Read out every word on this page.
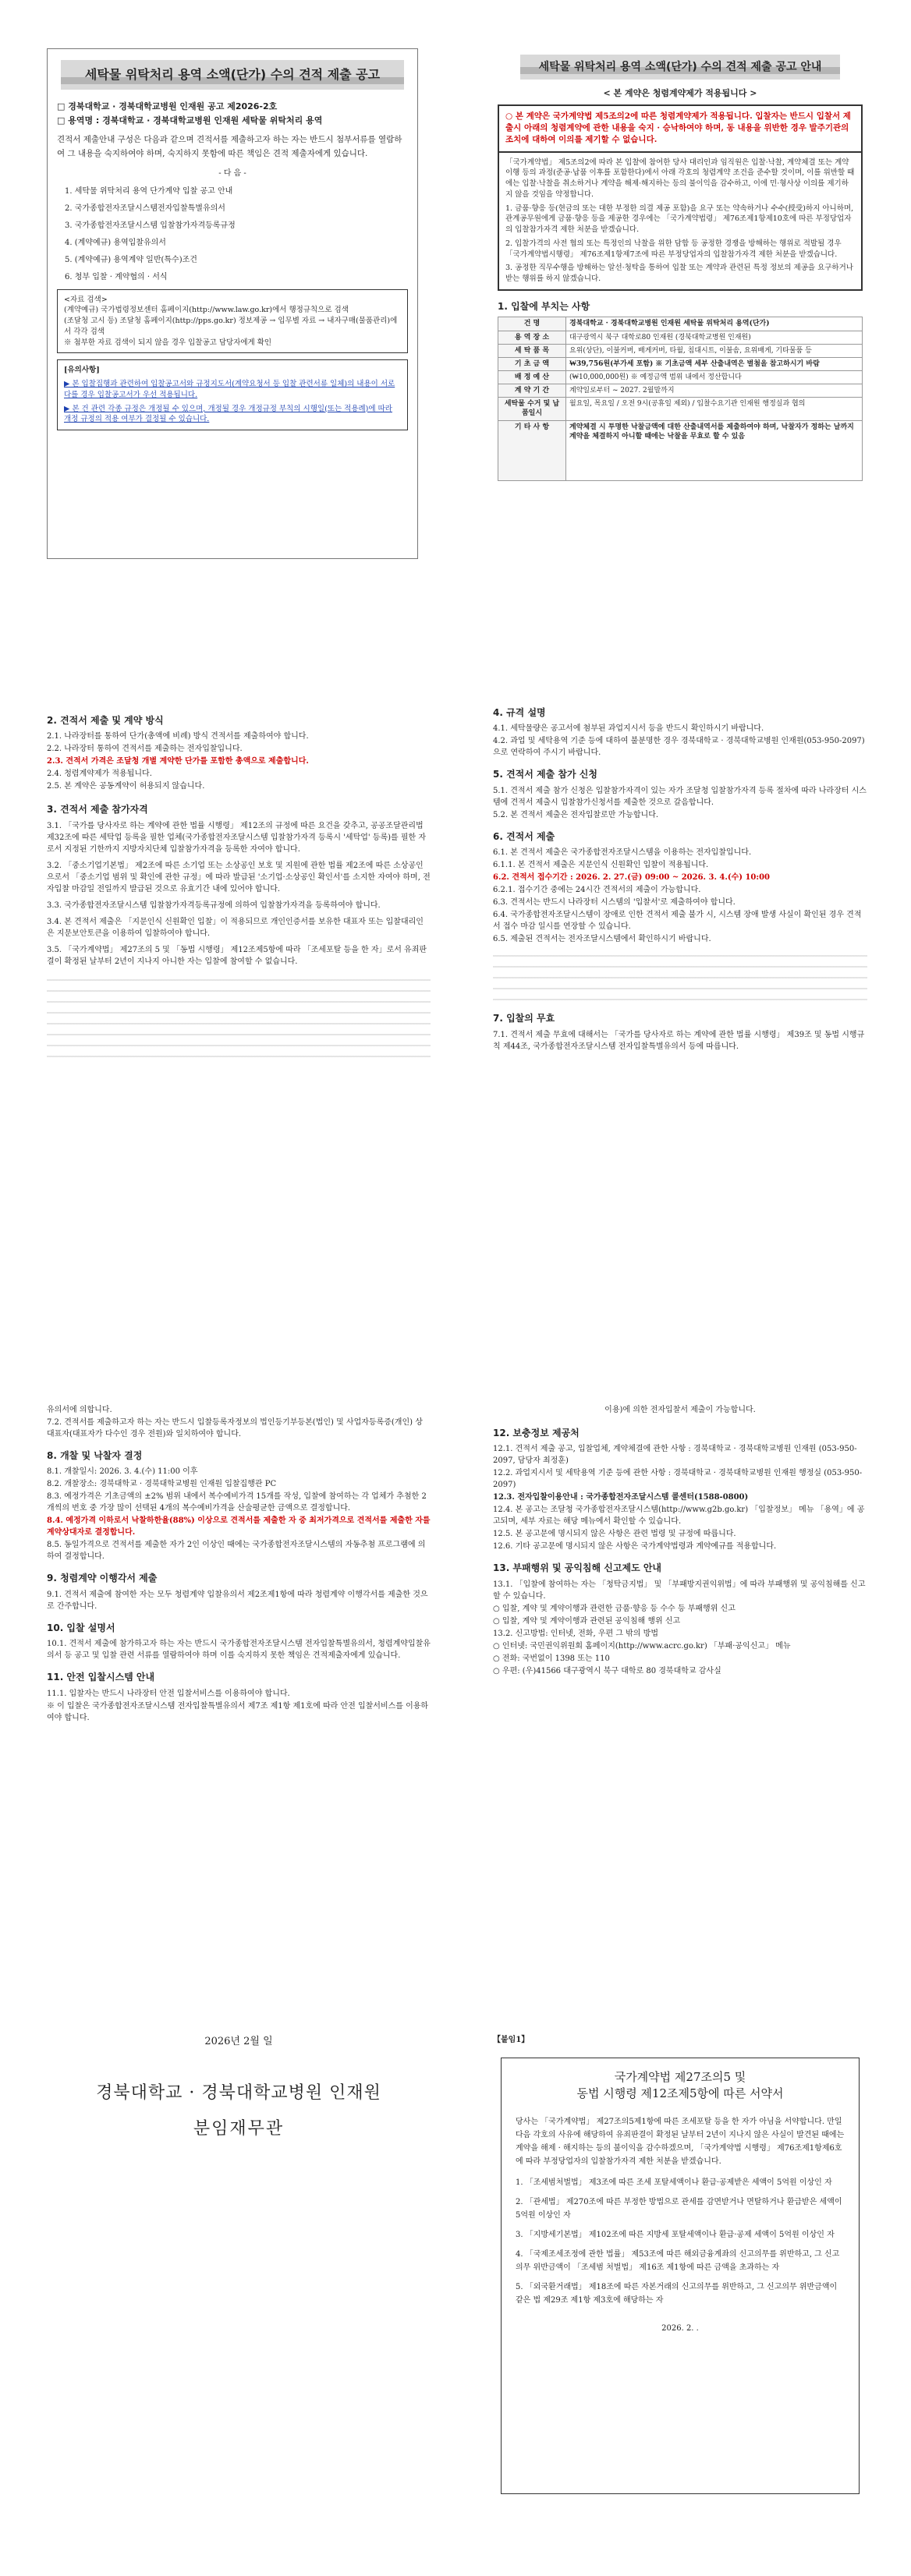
세탁물 위탁처리 용역 소액(단가) 수의 견적 제출 공고
□ 경북대학교 · 경북대학교병원 인재원 공고 제2026-2호
□ 용역명 : 경북대학교 · 경북대학교병원 인재원 세탁물 위탁처리 용역
견적서 제출안내 구성은 다음과 같으며 견적서를 제출하고자 하는 자는 반드시 첨부서류를 열람하여 그 내용을 숙지하여야 하며, 숙지하지 못함에 따른 책임은 견적 제출자에게 있습니다.
- 다 음 -
1. 세탁물 위탁처리 용역 단가계약 입찰 공고 안내
2. 국가종합전자조달시스템전자입찰특별유의서
3. 국가종합전자조달시스템 입찰참가자격등록규정
4. (계약예규) 용역입찰유의서
5. (계약예규) 용역계약 일반(특수)조건
6. 청부 입찰 · 계약협의 · 서식
<자료 검색>
(계약예규) 국가법령정보센터 홈페이지(http://www.law.go.kr)에서 행정규칙으로 검색
(조달청 고시 등) 조달청 홈페이지(http://pps.go.kr) 정보제공 → 입무별 자료 → 내자구매(물품관리)에서 각각 검색
※ 첨부한 자료 검색이 되지 않을 경우 입찰공고 담당자에게 확인
[유의사항]
▶ 본 입찰집행과 관련하여 입찰공고서와 규정지도서(계약요청서 등 입찰 관련서류 일체)의 내용이 서로 다를 경우 입찰공고서가 우선 적용됩니다.
▶ 본 건 관련 각종 규정은 개정될 수 있으며, 개정될 경우 개정규정 부칙의 시행일(또는 적용례)에 따라 개정 규정의 적용 여부가 결정될 수 있습니다.
세탁물 위탁처리 용역 소액(단가) 수의 견적 제출 공고 안내
< 본 계약은 청렴계약제가 적용됩니다 >
○ 본 계약은 국가계약법 제5조의2에 따른 청렴계약제가 적용됩니다. 입찰자는 반드시 입찰서 제출시 아래의 청렴계약에 관한 내용을 숙지 · 승낙하여야 하며, 동 내용을 위반한 경우 발주기관의 조치에 대하여 이의를 제기할 수 없습니다.
「국가계약법」 제5조의2에 따라 본 입찰에 참여한 당사 대리인과 임직원은 입찰·낙찰, 계약체결 또는 계약이행 등의 과정(준공·납품 이후를 포함한다)에서 아래 각호의 청렴계약 조건을 준수할 것이며, 이를 위반할 때에는 입찰·낙찰을 취소하거나 계약을 해제·해지하는 등의 불이익을 감수하고, 이에 민·형사상 이의를 제기하지 않을 것임을 약정합니다.
1. 금품·향응 등(현금의 또는 대한 부정한 의결 제공 포함)을 요구 또는 약속하거나 수수(授受)하지 아니하며, 관계공무원에게 금품·향응 등을 제공한 경우에는 「국가계약법령」 제76조제1항제10호에 따른 부정당업자의 입찰참가자격 제한 처분을 받겠습니다.
2. 입찰가격의 사전 협의 또는 특정인의 낙찰을 위한 담합 등 공정한 경쟁을 방해하는 행위로 적발될 경우 「국가계약법시행령」 제76조제1항제7조에 따른 부정당업자의 입찰참가자격 제한 처분을 받겠습니다.
3. 공정한 직무수행을 방해하는 알선·청탁을 통하여 입찰 또는 계약과 관련된 특정 정보의 제공을 요구하거나 받는 행위를 하지 않겠습니다.
1. 입찰에 부치는 사항
건 명	경북대학교 · 경북대학교병원 인재원 세탁물 위탁처리 용역(단가)
용 역 장 소	대구광역시 북구 대학로80 인재원 (경북대학교병원 인재원)
세 탁 품 목	요위(상단), 이불커버, 배게커버, 타월, 침대시트, 이불솜, 요위배게, 기타물품 등
기 초 금 액	₩39,756원(부가세 포함) ※ 기초금액 세부 산출내역은 별첨을 참고하시기 바람
배 정 예 산	(₩10,000,000원) ※ 예정금액 범위 내에서 정산합니다
계 약 기 간	계약일로부터 ~ 2027. 2월말까지
세탁물 수거 및 납품일시	월요일, 목요일 / 오전 9시(공휴일 제외) / 입찰수요기관 인재원 행정실과 협의
기 타 사 항	계약체결 시 투명한 낙찰금액에 대한 산출내역서를 제출하여야 하며, 낙찰자가 정하는 날까지 계약을 체결하지 아니할 때에는 낙찰을 무효로 할 수 있음
2. 견적서 제출 및 계약 방식
2.1. 나라장터를 통하여 단가(총액에 비례) 방식 견적서를 제출하여야 합니다.
2.2. 나라장터 통하여 견적서를 제출하는 전자입찰입니다.
2.3. 견적서 가격은 조달청 개별 계약한 단가를 포함한 총액으로 제출합니다.
2.4. 청렴계약제가 적용됩니다.
2.5. 본 계약은 공동계약이 허용되지 않습니다.
3. 견적서 제출 참가자격
3.1. 「국가를 당사자로 하는 계약에 관한 법률 시행령」 제12조의 규정에 따른 요건을 갖추고, 공공조달관리법 제32조에 따른 세탁업 등록을 필한 업체(국가종합전자조달시스템 입찰참가자격 등록시 '세탁업' 등록)를 필한 자로서 지정된 기한까지 지방자치단체 입찰참가자격을 등록한 자여야 합니다.
3.2. 「중소기업기본법」 제2조에 따른 소기업 또는 소상공인 보호 및 지원에 관한 법률 제2조에 따른 소상공인으로서 「중소기업 범위 및 확인에 관한 규정」에 따라 발급된 '소기업·소상공인 확인서'를 소지한 자여야 하며, 전자입찰 마감일 전일까지 발급된 것으로 유효기간 내에 있어야 합니다.
3.3. 국가종합전자조달시스템 입찰참가자격등록규정에 의하여 입찰참가자격을 등록하여야 합니다.
3.4. 본 견적서 제출은 「지문인식 신원확인 입찰」이 적용되므로 개인인증서를 보유한 대표자 또는 입찰대리인은 지문보안토큰을 이용하여 입찰하여야 합니다.
3.5. 「국가계약법」 제27조의 5 및 「동법 시행령」 제12조제5항에 따라 「조세포탈 등을 한 자」로서 유죄판결이 확정된 날부터 2년이 지나지 아니한 자는 입찰에 참여할 수 없습니다.
4. 규격 설명
4.1. 세탁물량은 공고서에 첨부된 과업지시서 등을 반드시 확인하시기 바랍니다.
4.2. 과업 및 세탁용역 기준 등에 대하여 불분명한 경우 경북대학교 · 경북대학교병원 인재원(053-950-2097)으로 연락하여 주시기 바랍니다.
5. 견적서 제출 참가 신청
5.1. 견적서 제출 참가 신청은 입찰참가자격이 있는 자가 조달청 입찰참가자격 등록 절차에 따라 나라장터 시스템에 견적서 제출시 입찰참가신청서를 제출한 것으로 갈음합니다.
5.2. 본 견적서 제출은 전자입찰로만 가능합니다.
6. 견적서 제출
6.1. 본 견적서 제출은 국가종합전자조달시스템을 이용하는 전자입찰입니다.
6.1.1. 본 견적서 제출은 지문인식 신원확인 입찰이 적용됩니다.
6.2. 견적서 접수기간 : 2026. 2. 27.(금) 09:00 ~ 2026. 3. 4.(수) 10:00
6.2.1. 접수기간 중에는 24시간 견적서의 제출이 가능합니다.
6.3. 견적서는 반드시 나라장터 시스템의 '입찰서'로 제출하여야 합니다.
6.4. 국가종합전자조달시스템이 장애로 인한 견적서 제출 불가 시, 시스템 장애 발생 사실이 확인된 경우 견적서 접수 마감 일시를 연장할 수 있습니다.
6.5. 제출된 견적서는 전자조달시스템에서 확인하시기 바랍니다.
7. 입찰의 무효
7.1. 견적서 제출 무효에 대해서는 「국가를 당사자로 하는 계약에 관한 법률 시행령」 제39조 및 동법 시행규칙 제44조, 국가종합전자조달시스템 전자입찰특별유의서 등에 따릅니다.
유의서에 의합니다.
7.2. 견적서를 제출하고자 하는 자는 반드시 입찰등록자정보의 법인등기부등본(법인) 및 사업자등록증(개인) 상 대표자(대표자가 다수인 경우 전원)와 일치하여야 합니다.
8. 개찰 및 낙찰자 결정
8.1. 개찰일시: 2026. 3. 4.(수) 11:00 이후
8.2. 개찰장소: 경북대학교 · 경북대학교병원 인재원 입찰집행관 PC
8.3. 예정가격은 기초금액의 ±2% 범위 내에서 복수예비가격 15개를 작성, 입찰에 참여하는 각 업체가 추첨한 2개씩의 번호 중 가장 많이 선택된 4개의 복수예비가격을 산술평균한 금액으로 결정합니다.
8.4. 예정가격 이하로서 낙찰하한율(88%) 이상으로 견적서를 제출한 자 중 최저가격으로 견적서를 제출한 자를 계약상대자로 결정합니다.
8.5. 동일가격으로 견적서를 제출한 자가 2인 이상인 때에는 국가종합전자조달시스템의 자동추첨 프로그램에 의하여 결정합니다.
9. 청렴계약 이행각서 제출
9.1. 견적서 제출에 참여한 자는 모두 청렴계약 입찰유의서 제2조제1항에 따라 청렴계약 이행각서를 제출한 것으로 간주합니다.
10. 입찰 설명서
10.1. 견적서 제출에 참가하고자 하는 자는 반드시 국가종합전자조달시스템 전자입찰특별유의서, 청렴계약입찰유의서 등 공고 및 입찰 관련 서류를 열람하여야 하며 이를 숙지하지 못한 책임은 견적제출자에게 있습니다.
11. 안전 입찰시스템 안내
11.1. 입찰자는 반드시 나라장터 안전 입찰서비스를 이용하여야 합니다.
※ 이 입찰은 국가종합전자조달시스템 전자입찰특별유의서 제7조 제1항 제1호에 따라 안전 입찰서비스를 이용하여야 합니다.
이용)에 의한 전자입찰서 제출이 가능합니다.
12. 보충정보 제공처
12.1. 견적서 제출 공고, 입찰업체, 계약체결에 관한 사항 : 경북대학교 · 경북대학교병원 인재원 (053-950-2097, 담당자 최정훈)
12.2. 과업지시서 및 세탁용역 기준 등에 관한 사항 : 경북대학교 · 경북대학교병원 인재원 행정실 (053-950-2097)
12.3. 전자입찰이용안내 : 국가종합전자조달시스템 콜센터(1588-0800)
12.4. 본 공고는 조달청 국가종합전자조달시스템(http://www.g2b.go.kr) 「입찰정보」 메뉴 「용역」에 공고되며, 세부 자료는 해당 메뉴에서 확인할 수 있습니다.
12.5. 본 공고문에 명시되지 않은 사항은 관련 법령 및 규정에 따릅니다.
12.6. 기타 공고문에 명시되지 않은 사항은 국가계약법령과 계약예규를 적용합니다.
13. 부패행위 및 공익침해 신고제도 안내
13.1. 「입찰에 참여하는 자는 「청탁금지법」 및 「부패방지권익위법」에 따라 부패행위 및 공익침해를 신고할 수 있습니다.
○ 입찰, 계약 및 계약이행과 관련한 금품·향응 등 수수 등 부패행위 신고
○ 입찰, 계약 및 계약이행과 관련된 공익침해 행위 신고
13.2. 신고방법: 인터넷, 전화, 우편 그 밖의 방법
○ 인터넷: 국민권익위원회 홈페이지(http://www.acrc.go.kr) 「부패·공익신고」 메뉴
○ 전화: 국번없이 1398 또는 110
○ 우편: (우)41566 대구광역시 북구 대학로 80 경북대학교 감사실
2026년 2월 일
경북대학교 · 경북대학교병원 인재원
분임재무관
【붙임1】
국가계약법 제27조의5 및
동법 시행령 제12조제5항에 따른 서약서
당사는 「국가계약법」 제27조의5제1항에 따른 조세포탈 등을 한 자가 아님을 서약합니다. 만일 다음 각호의 사유에 해당하여 유죄판결이 확정된 날부터 2년이 지나지 않은 사실이 발견된 때에는 계약을 해제 · 해지하는 등의 불이익을 감수하겠으며, 「국가계약법 시행령」 제76조제1항제6호에 따라 부정당업자의 입찰참가자격 제한 처분을 받겠습니다.
1. 「조세범처벌법」 제3조에 따른 조세 포탈세액이나 환급·공제받은 세액이 5억원 이상인 자
2. 「관세법」 제270조에 따른 부정한 방법으로 관세를 감면받거나 면탈하거나 환급받은 세액이 5억원 이상인 자
3. 「지방세기본법」 제102조에 따른 지방세 포탈세액이나 환급·공제 세액이 5억원 이상인 자
4. 「국제조세조정에 관한 법률」 제53조에 따른 해외금융계좌의 신고의무를 위반하고, 그 신고의무 위반금액이 「조세범 처벌법」 제16조 제1항에 따른 금액을 초과하는 자
5. 「외국환거래법」 제18조에 따른 자본거래의 신고의무를 위반하고, 그 신고의무 위반금액이 같은 법 제29조 제1항 제3호에 해당하는 자
2026. 2. .
